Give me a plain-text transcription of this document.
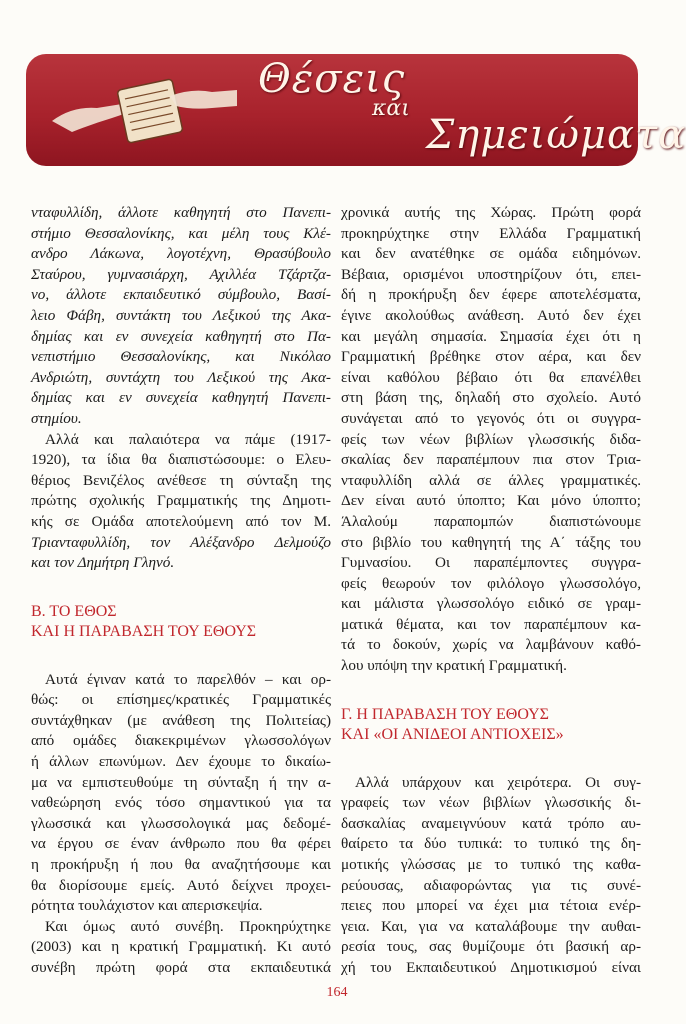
Θέσεις
και
Σημειώματα

νταφυλλίδη, άλλοτε καθηγητή στο Πανεπι-
στήμιο Θεσσαλονίκης, και μέλη τους Κλέ-
ανδρο Λάκωνα, λογοτέχνη, Θρασύβουλο
Σταύρου, γυμνασιάρχη, Αχιλλέα Τζάρτζα-
νο, άλλοτε εκπαιδευτικό σύμβουλο, Βασί-
λειο Φάβη, συντάκτη του Λεξικού της Ακα-
δημίας και εν συνεχεία καθηγητή στο Πα-
νεπιστήμιο Θεσσαλονίκης, και Νικόλαο
Ανδριώτη, συντάχτη του Λεξικού της Ακα-
δημίας και εν συνεχεία καθηγητή Πανεπι-
στημίου.

Αλλά και παλαιότερα να πάμε (1917-
1920), τα ίδια θα διαπιστώσουμε: ο Ελευ-
θέριος Βενιζέλος ανέθεσε τη σύνταξη της
πρώτης σχολικής Γραμματικής της Δημοτι-
κής σε Ομάδα αποτελούμενη από τον Μ.
Τριανταφυλλίδη, τον Αλέξανδρο Δελμούζο
και τον Δημήτρη Γληνό.

Β. ΤΟ ΕΘΟΣ
ΚΑΙ Η ΠΑΡΑΒΑΣΗ ΤΟΥ ΕΘΟΥΣ

Αυτά έγιναν κατά το παρελθόν – και ορ-
θώς: οι επίσημες/κρατικές Γραμματικές
συντάχθηκαν (με ανάθεση της Πολιτείας)
από ομάδες διακεκριμένων γλωσσολόγων
ή άλλων επωνύμων. Δεν έχουμε το δικαίω-
μα να εμπιστευθούμε τη σύνταξη ή την α-
ναθεώρηση ενός τόσο σημαντικού για τα
γλωσσικά και γλωσσολογικά μας δεδομέ-
να έργου σε έναν άνθρωπο που θα φέρει
η προκήρυξη ή που θα αναζητήσουμε και
θα διορίσουμε εμείς. Αυτό δείχνει προχει-
ρότητα τουλάχιστον και απερισκεψία.

Και όμως αυτό συνέβη. Προκηρύχτηκε
(2003) και η κρατική Γραμματική. Κι αυτό
συνέβη πρώτη φορά στα εκπαιδευτικά

χρονικά αυτής της Χώρας. Πρώτη φορά
προκηρύχτηκε στην Ελλάδα Γραμματική
και δεν ανατέθηκε σε ομάδα ειδημόνων.
Βέβαια, ορισμένοι υποστηρίζουν ότι, επει-
δή η προκήρυξη δεν έφερε αποτελέσματα,
έγινε ακολούθως ανάθεση. Αυτό δεν έχει
και μεγάλη σημασία. Σημασία έχει ότι η
Γραμματική βρέθηκε στον αέρα, και δεν
είναι καθόλου βέβαιο ότι θα επανέλθει
στη βάση της, δηλαδή στο σχολείο. Αυτό
συνάγεται από το γεγονός ότι οι συγγρα-
φείς των νέων βιβλίων γλωσσικής διδα-
σκαλίας δεν παραπέμπουν πια στον Τρια-
νταφυλλίδη αλλά σε άλλες γραμματικές.
Δεν είναι αυτό ύποπτο; Και μόνο ύποπτο;
Άλαλούμ παραπομπών διαπιστώνουμε
στο βιβλίο του καθηγητή της Α΄ τάξης του
Γυμνασίου. Οι παραπέμποντες συγγρα-
φείς θεωρούν τον φιλόλογο γλωσσολόγο,
και μάλιστα γλωσσολόγο ειδικό σε γραμ-
ματικά θέματα, και τον παραπέμπουν κα-
τά το δοκούν, χωρίς να λαμβάνουν καθό-
λου υπόψη την κρατική Γραμματική.

Γ. Η ΠΑΡΑΒΑΣΗ ΤΟΥ ΕΘΟΥΣ
ΚΑΙ «ΟΙ ΑΝΙΔΕΟΙ ΑΝΤΙΟΧΕΙΣ»

Αλλά υπάρχουν και χειρότερα. Οι συγ-
γραφείς των νέων βιβλίων γλωσσικής δι-
δασκαλίας αναμειγνύουν κατά τρόπο αυ-
θαίρετο τα δύο τυπικά: το τυπικό της δη-
μοτικής γλώσσας με το τυπικό της καθα-
ρεύουσας, αδιαφορώντας για τις συνέ-
πειες που μπορεί να έχει μια τέτοια ενέρ-
γεια. Και, για να καταλάβουμε την αυθαι-
ρεσία τους, σας θυμίζουμε ότι βασική αρ-
χή του Εκπαιδευτικού Δημοτικισμού είναι

164
